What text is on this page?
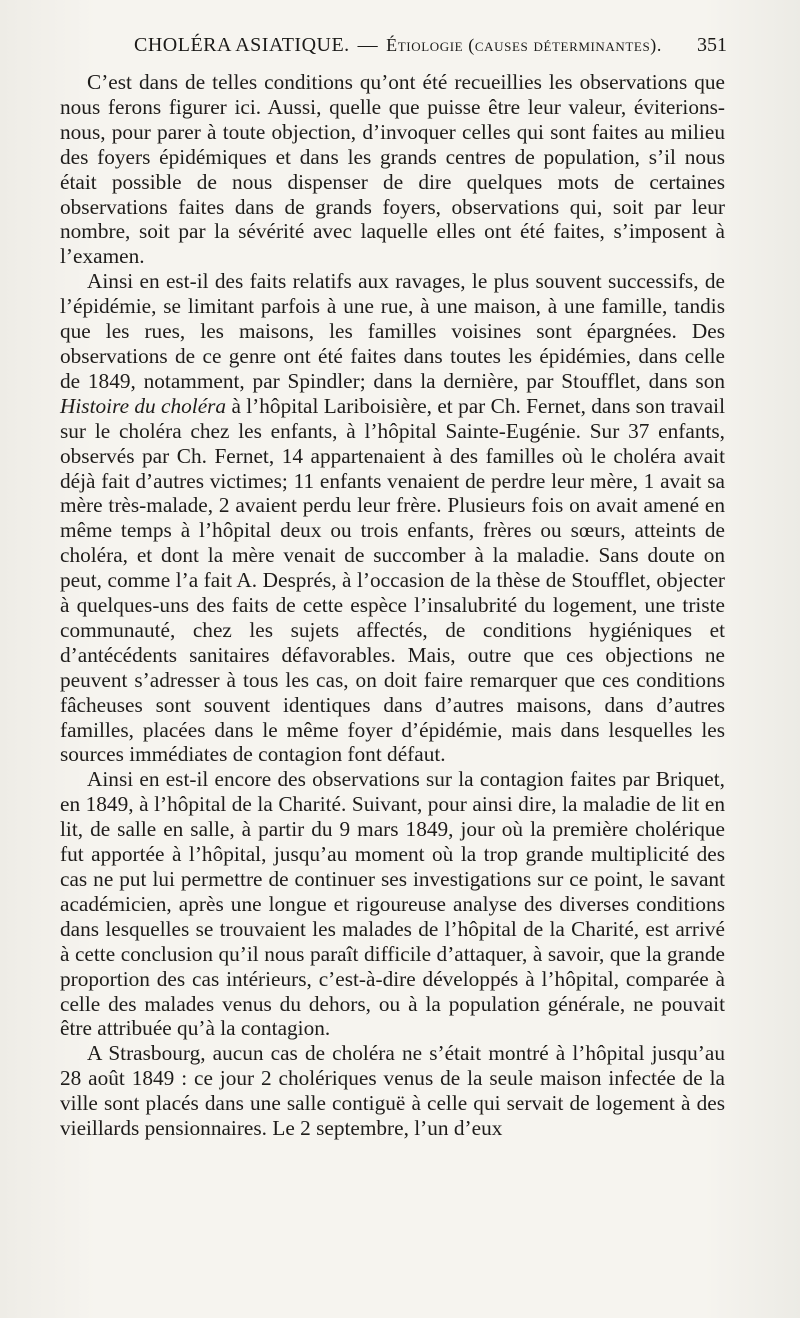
CHOLÉRA ASIATIQUE. — Étiologie (causes déterminantes). 351

C’est dans de telles conditions qu’ont été recueillies les observations que nous ferons figurer ici. Aussi, quelle que puisse être leur valeur, éviterions-nous, pour parer à toute objection, d’invoquer celles qui sont faites au milieu des foyers épidémiques et dans les grands centres de population, s’il nous était possible de nous dispenser de dire quelques mots de certaines observations faites dans de grands foyers, observations qui, soit par leur nombre, soit par la sévérité avec laquelle elles ont été faites, s’imposent à l’examen.

Ainsi en est-il des faits relatifs aux ravages, le plus souvent successifs, de l’épidémie, se limitant parfois à une rue, à une maison, à une famille, tandis que les rues, les maisons, les familles voisines sont épargnées. Des observations de ce genre ont été faites dans toutes les épidémies, dans celle de 1849, notamment, par Spindler; dans la dernière, par Stoufflet, dans son Histoire du choléra à l’hôpital Lariboisière, et par Ch. Fernet, dans son travail sur le choléra chez les enfants, à l’hôpital Sainte-Eugénie. Sur 37 enfants, observés par Ch. Fernet, 14 appartenaient à des familles où le choléra avait déjà fait d’autres victimes; 11 enfants venaient de perdre leur mère, 1 avait sa mère très-malade, 2 avaient perdu leur frère. Plusieurs fois on avait amené en même temps à l’hôpital deux ou trois enfants, frères ou sœurs, atteints de choléra, et dont la mère venait de succomber à la maladie. Sans doute on peut, comme l’a fait A. Després, à l’occasion de la thèse de Stoufflet, objecter à quelques-uns des faits de cette espèce l’insalubrité du logement, une triste communauté, chez les sujets affectés, de conditions hygiéniques et d’antécédents sanitaires défavorables. Mais, outre que ces objections ne peuvent s’adresser à tous les cas, on doit faire remarquer que ces conditions fâcheuses sont souvent identiques dans d’autres maisons, dans d’autres familles, placées dans le même foyer d’épidémie, mais dans lesquelles les sources immédiates de contagion font défaut.

Ainsi en est-il encore des observations sur la contagion faites par Briquet, en 1849, à l’hôpital de la Charité. Suivant, pour ainsi dire, la maladie de lit en lit, de salle en salle, à partir du 9 mars 1849, jour où la première cholérique fut apportée à l’hôpital, jusqu’au moment où la trop grande multiplicité des cas ne put lui permettre de continuer ses investigations sur ce point, le savant académicien, après une longue et rigoureuse analyse des diverses conditions dans lesquelles se trouvaient les malades de l’hôpital de la Charité, est arrivé à cette conclusion qu’il nous paraît difficile d’attaquer, à savoir, que la grande proportion des cas intérieurs, c’est-à-dire développés à l’hôpital, comparée à celle des malades venus du dehors, ou à la population générale, ne pouvait être attribuée qu’à la contagion.

A Strasbourg, aucun cas de choléra ne s’était montré à l’hôpital jusqu’au 28 août 1849 : ce jour 2 cholériques venus de la seule maison infectée de la ville sont placés dans une salle contiguë à celle qui servait de logement à des vieillards pensionnaires. Le 2 septembre, l’un d’eux
